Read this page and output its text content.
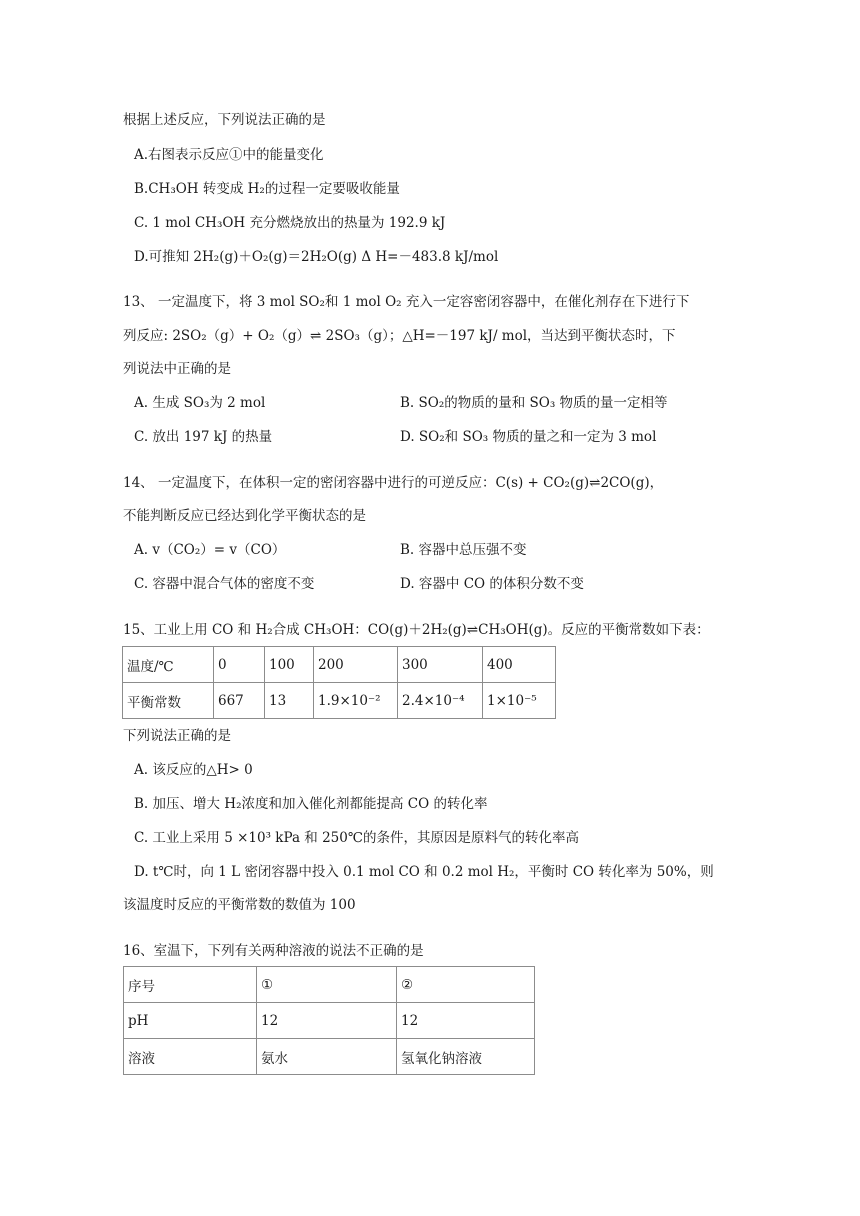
根据上述反应，下列说法正确的是
A.右图表示反应①中的能量变化
B.CH₃OH 转变成 H₂的过程一定要吸收能量
C. 1 mol CH₃OH 充分燃烧放出的热量为 192.9 kJ
D.可推知 2H₂(g)＋O₂(g)＝2H₂O(g) Δ H=－483.8 kJ/mol
13、 一定温度下，将 3 mol SO₂和 1 mol O₂ 充入一定容密闭容器中，在催化剂存在下进行下
列反应: 2SO₂（g）+ O₂（g）⇌ 2SO₃（g）；△H=－197 kJ/ mol，当达到平衡状态时，下
列说法中正确的是
A. 生成 SO₃为 2 mol	B. SO₂的物质的量和 SO₃ 物质的量一定相等
C. 放出 197 kJ 的热量	D. SO₂和 SO₃ 物质的量之和一定为 3 mol
14、 一定温度下，在体积一定的密闭容器中进行的可逆反应：C(s) + CO₂(g)⇌2CO(g)，
不能判断反应已经达到化学平衡状态的是
A. v（CO₂）= v（CO）	B. 容器中总压强不变
C. 容器中混合气体的密度不变	D. 容器中 CO 的体积分数不变
15、工业上用 CO 和 H₂合成 CH₃OH：CO(g)＋2H₂(g)⇌CH₃OH(g)。反应的平衡常数如下表：
温度/℃	0	100	200	300	400
平衡常数	667	13	1.9×10⁻²	2.4×10⁻⁴	1×10⁻⁵
下列说法正确的是
A. 该反应的△H> 0
B. 加压、增大 H₂浓度和加入催化剂都能提高 CO 的转化率
C. 工业上采用 5 ×10³ kPa 和 250℃的条件，其原因是原料气的转化率高
D. t℃时，向 1 L 密闭容器中投入 0.1 mol CO 和 0.2 mol H₂，平衡时 CO 转化率为 50%，则
该温度时反应的平衡常数的数值为 100
16、室温下，下列有关两种溶液的说法不正确的是
序号	①	②
pH	12	12
溶液	氨水	氢氧化钠溶液
